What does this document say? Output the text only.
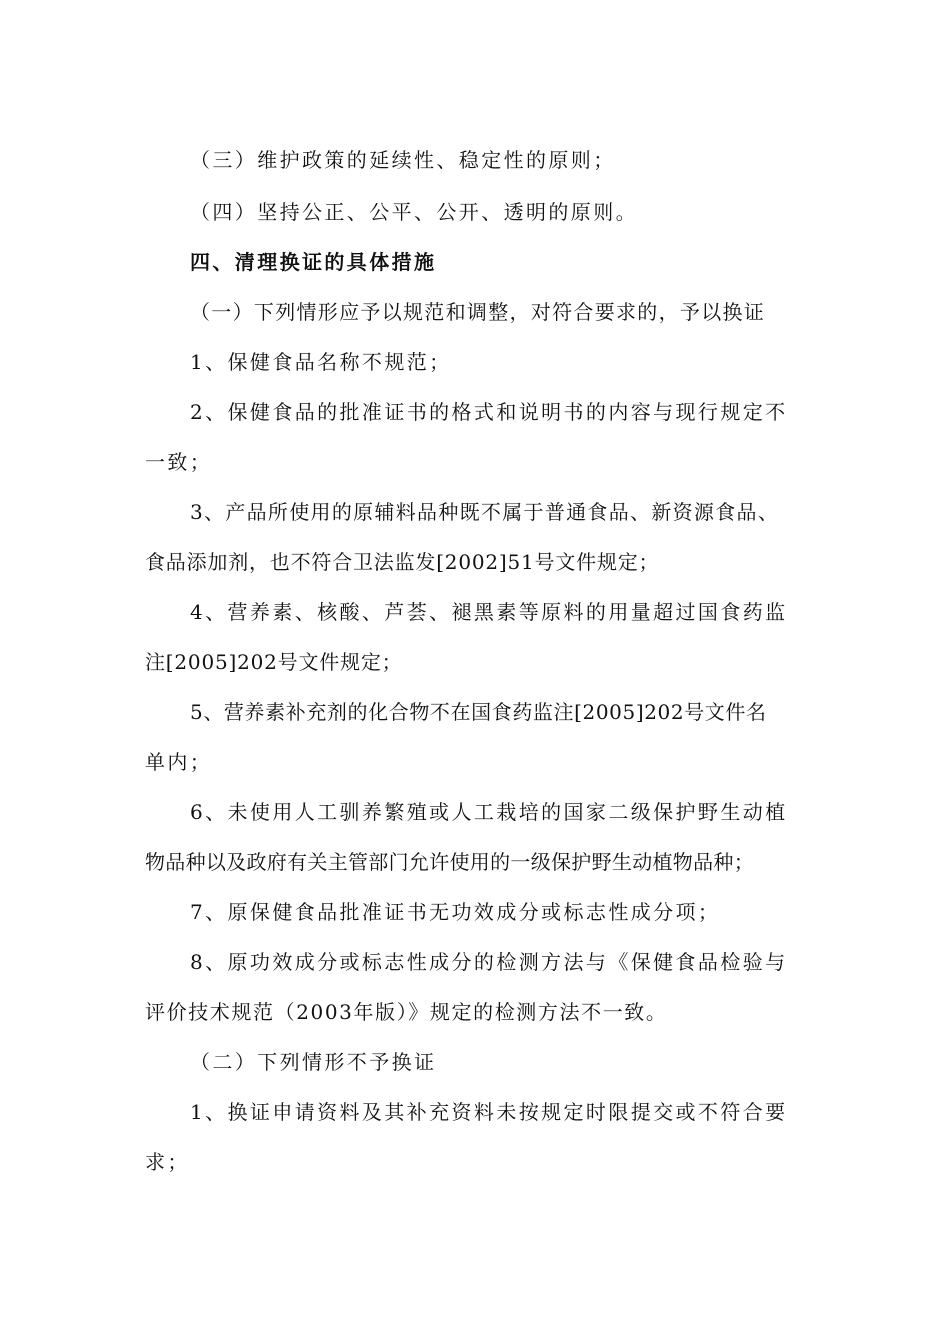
（三）维护政策的延续性、稳定性的原则；
（四）坚持公正、公平、公开、透明的原则。
四、清理换证的具体措施
（一）下列情形应予以规范和调整，对符合要求的，予以换证
1、保健食品名称不规范；
2、保健食品的批准证书的格式和说明书的内容与现行规定不
一致；
3、产品所使用的原辅料品种既不属于普通食品、新资源食品、
食品添加剂，也不符合卫法监发[2002]51号文件规定；
4、营养素、核酸、芦荟、褪黑素等原料的用量超过国食药监
注[2005]202号文件规定；
5、营养素补充剂的化合物不在国食药监注[2005]202号文件名
单内；
6、未使用人工驯养繁殖或人工栽培的国家二级保护野生动植
物品种以及政府有关主管部门允许使用的一级保护野生动植物品种；
7、原保健食品批准证书无功效成分或标志性成分项；
8、原功效成分或标志性成分的检测方法与《保健食品检验与
评价技术规范（2003年版）》规定的检测方法不一致。
（二）下列情形不予换证
1、换证申请资料及其补充资料未按规定时限提交或不符合要
求；
